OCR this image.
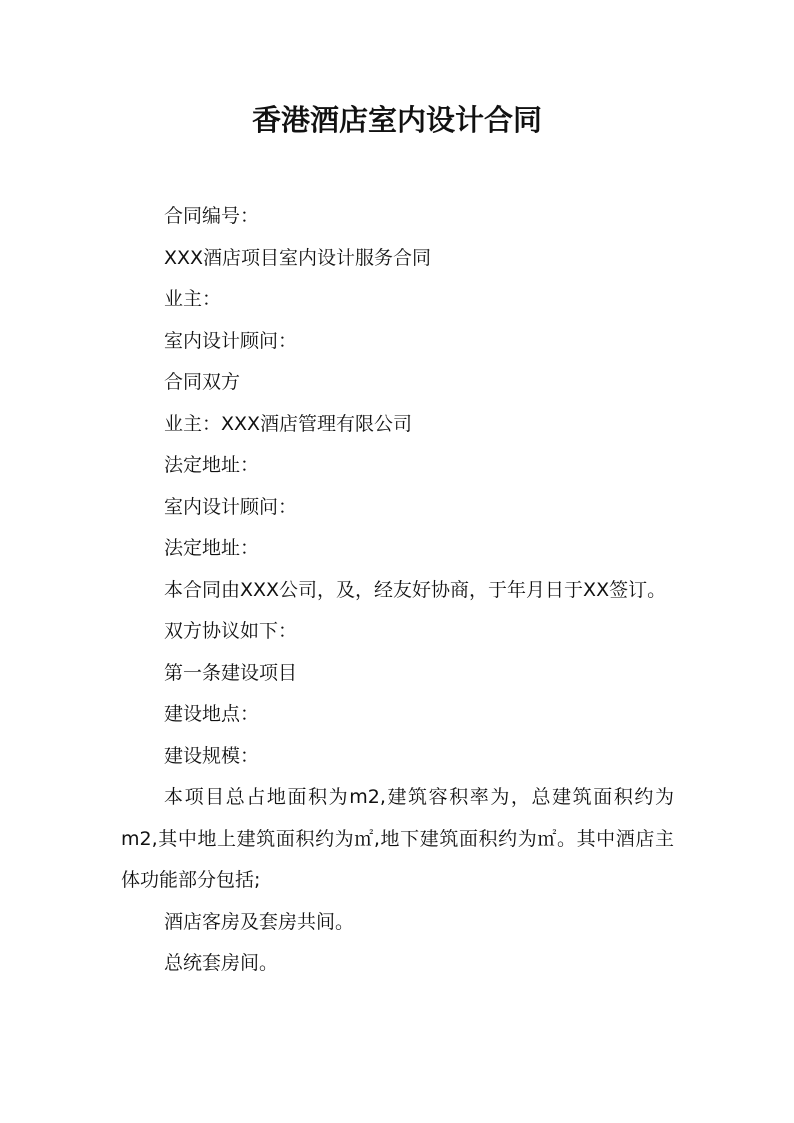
香港酒店室内设计合同

合同编号：

XXX酒店项目室内设计服务合同

业主：

室内设计顾问：

合同双方

业主：XXX酒店管理有限公司

法定地址：

室内设计顾问：

法定地址：

本合同由XXX公司，及，经友好协商，于年月日于XX签订。

双方协议如下：

第一条建设项目

建设地点：

建设规模：

本项目总占地面积为m2,建筑容积率为，总建筑面积约为m2,其中地上建筑面积约为㎡,地下建筑面积约为㎡。其中酒店主体功能部分包括;

酒店客房及套房共间。

总统套房间。
